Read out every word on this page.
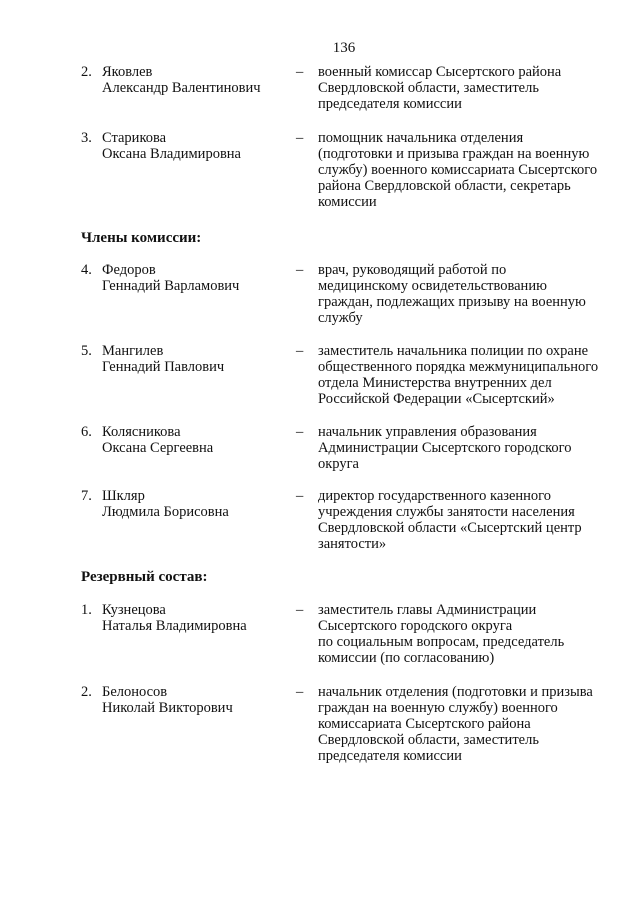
136
2. Яковлев
Александр Валентинович
– военный комиссар Сысертского района
Свердловской области, заместитель
председателя комиссии
3. Старикова
Оксана Владимировна
– помощник начальника отделения
(подготовки и призыва граждан на военную
службу) военного комиссариата Сысертского
района Свердловской области, секретарь
комиссии
Члены комиссии:
4. Федоров
Геннадий Варламович
– врач, руководящий работой по
медицинскому освидетельствованию
граждан, подлежащих призыву на военную
службу
5. Мангилев
Геннадий Павлович
– заместитель начальника полиции по охране
общественного порядка межмуниципального
отдела Министерства внутренних дел
Российской Федерации «Сысертский»
6. Колясникова
Оксана Сергеевна
– начальник управления образования
Администрации Сысертского городского
округа
7. Шкляр
Людмила Борисовна
– директор государственного казенного
учреждения службы занятости населения
Свердловской области «Сысертский центр
занятости»
Резервный состав:
1. Кузнецова
Наталья Владимировна
– заместитель главы Администрации
Сысертского городского округа
по социальным вопросам, председатель
комиссии (по согласованию)
2. Белоносов
Николай Викторович
– начальник отделения (подготовки и призыва
граждан на военную службу) военного
комиссариата Сысертского района
Свердловской области, заместитель
председателя комиссии
